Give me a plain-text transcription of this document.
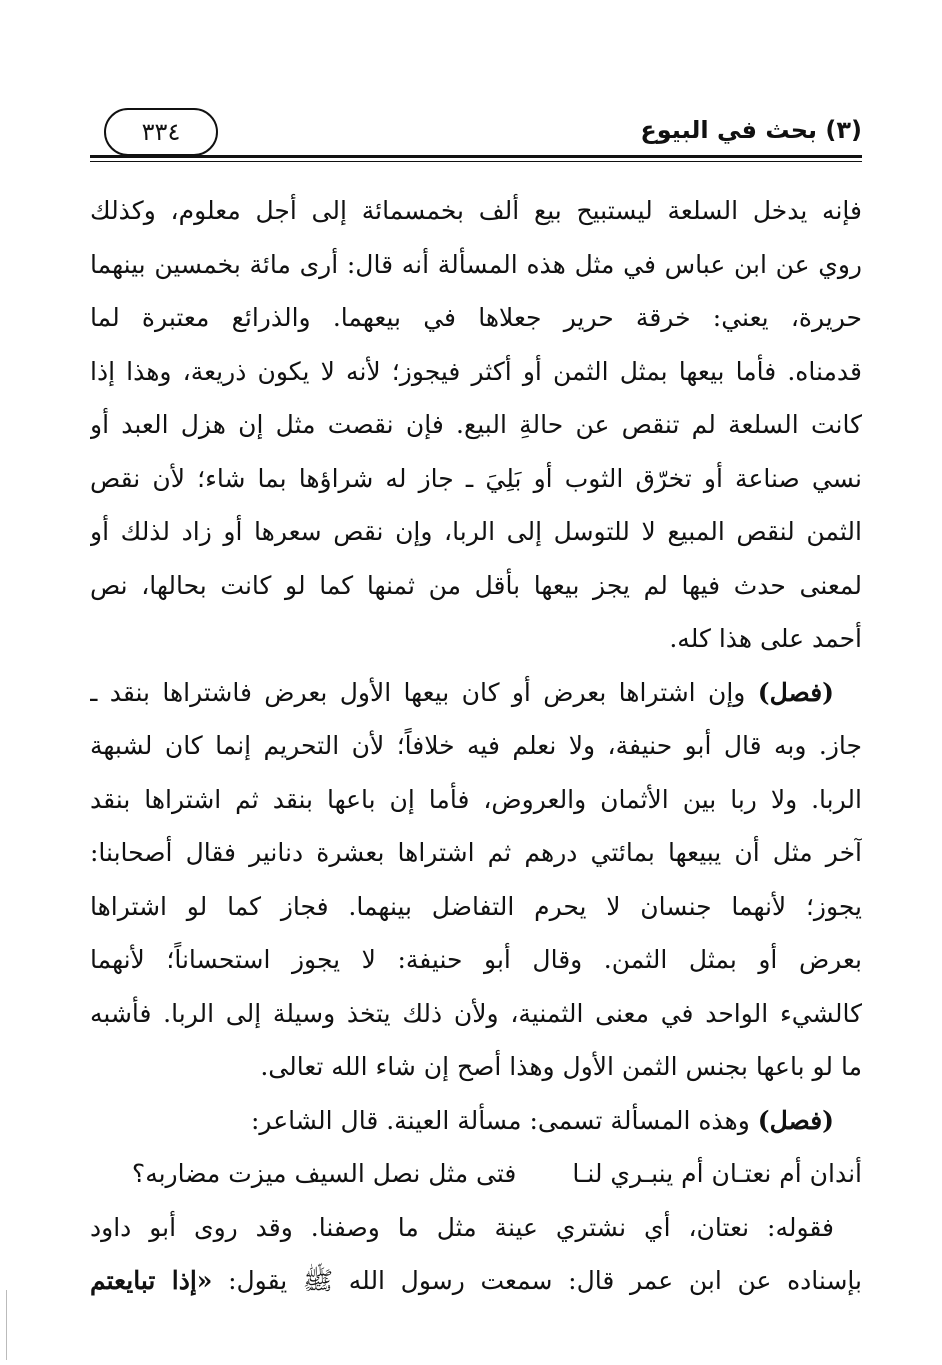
٣٣٤	(٣) بحث في البيوع
فإنه يدخل السلعة ليستبيح بيع ألف بخمسمائة إلى أجل معلوم، وكذلك
روي عن ابن عباس في مثل هذه المسألة أنه قال: أرى مائة بخمسين بينهما
حريرة، يعني: خرقة حرير جعلاها في بيعهما. والذرائع معتبرة لما
قدمناه. فأما بيعها بمثل الثمن أو أكثر فيجوز؛ لأنه لا يكون ذريعة، وهذا إذا
كانت السلعة لم تنقص عن حالةِ البيع. فإن نقصت مثل إن هزل العبد أو
نسي صناعة أو تخرّق الثوب أو بَلِيَ ـ جاز له شراؤها بما شاء؛ لأن نقص
الثمن لنقص المبيع لا للتوسل إلى الربا، وإن نقص سعرها أو زاد لذلك أو
لمعنى حدث فيها لم يجز بيعها بأقل من ثمنها كما لو كانت بحالها، نص
أحمد على هذا كله.
(فصل) وإن اشتراها بعرض أو كان بيعها الأول بعرض فاشتراها بنقد ـ
جاز. وبه قال أبو حنيفة، ولا نعلم فيه خلافاً؛ لأن التحريم إنما كان لشبهة
الربا. ولا ربا بين الأثمان والعروض، فأما إن باعها بنقد ثم اشتراها بنقد
آخر مثل أن يبيعها بمائتي درهم ثم اشتراها بعشرة دنانير فقال أصحابنا:
يجوز؛ لأنهما جنسان لا يحرم التفاضل بينهما. فجاز كما لو اشتراها
بعرض أو بمثل الثمن. وقال أبو حنيفة: لا يجوز استحساناً؛ لأنهما
كالشيء الواحد في معنى الثمنية، ولأن ذلك يتخذ وسيلة إلى الربا. فأشبه
ما لو باعها بجنس الثمن الأول وهذا أصح إن شاء الله تعالى.
(فصل) وهذه المسألة تسمى: مسألة العينة. قال الشاعر:
أندان أم نعتـان أم ينبـري لنـا
فتى مثل نصل السيف ميزت مضاربه؟
فقوله: نعتان، أي نشتري عينة مثل ما وصفنا. وقد روى أبو داود
بإسناده عن ابن عمر قال: سمعت رسول الله ﷺ يقول: «إذا تبايعتم
